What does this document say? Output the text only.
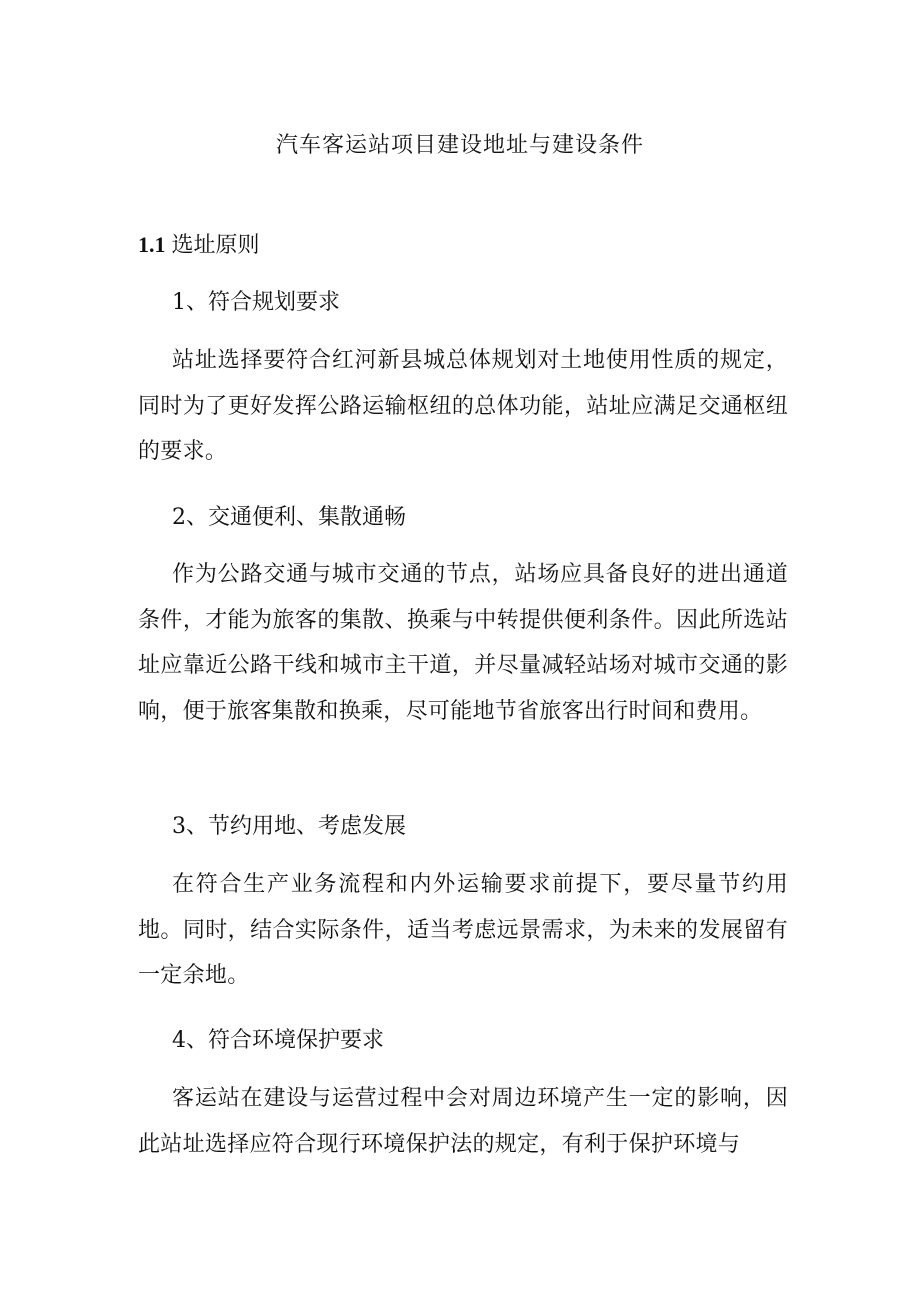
汽车客运站项目建设地址与建设条件
1.1 选址原则
1、符合规划要求
站址选择要符合红河新县城总体规划对土地使用性质的规定，同时为了更好发挥公路运输枢纽的总体功能，站址应满足交通枢纽的要求。
2、交通便利、集散通畅
作为公路交通与城市交通的节点，站场应具备良好的进出通道条件，才能为旅客的集散、换乘与中转提供便利条件。因此所选站址应靠近公路干线和城市主干道，并尽量减轻站场对城市交通的影响，便于旅客集散和换乘，尽可能地节省旅客出行时间和费用。
3、节约用地、考虑发展
在符合生产业务流程和内外运输要求前提下，要尽量节约用地。同时，结合实际条件，适当考虑远景需求，为未来的发展留有一定余地。
4、符合环境保护要求
客运站在建设与运营过程中会对周边环境产生一定的影响，因此站址选择应符合现行环境保护法的规定，有利于保护环境与
